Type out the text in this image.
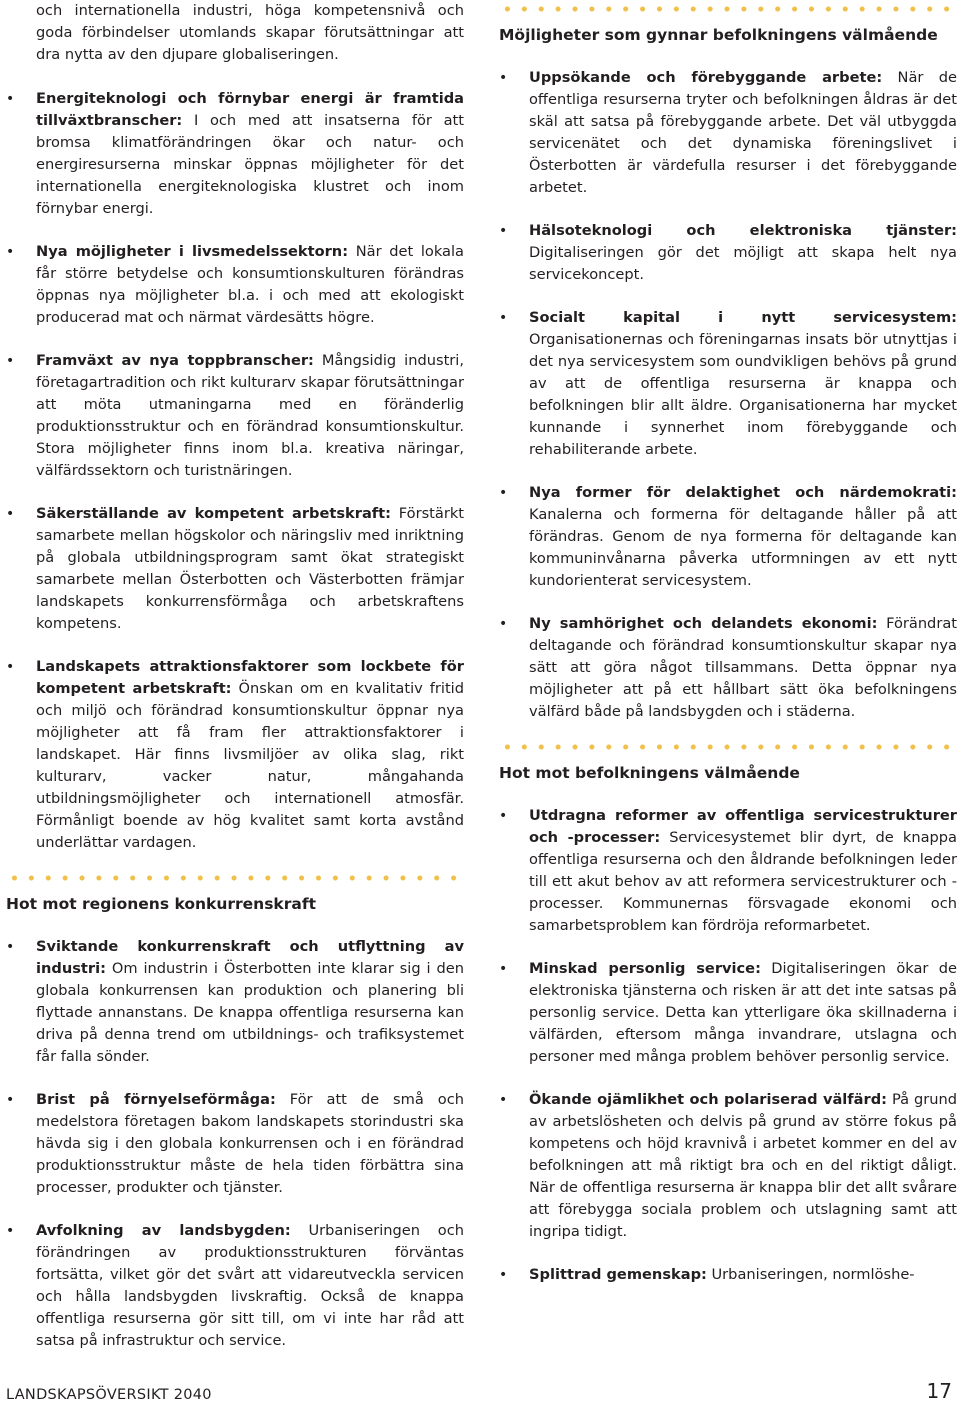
och internationella industri, höga kompetensnivå och goda förbindelser utomlands skapar förutsättningar att dra nytta av den djupare globaliseringen.

• Energiteknologi och förnybar energi är framtida tillväxtbranscher: I och med att insatserna för att bromsa klimatförändringen ökar och natur- och energiresurserna minskar öppnas möjligheter för det internationella energiteknologiska klustret och inom förnybar energi.
• Nya möjligheter i livsmedelssektorn: När det lokala får större betydelse och konsumtionskulturen förändras öppnas nya möjligheter bl.a. i och med att ekologiskt producerad mat och närmat värdesätts högre.
• Framväxt av nya toppbranscher: Mångsidig industri, företagartradition och rikt kulturarv skapar förutsättningar att möta utmaningarna med en föränderlig produktionsstruktur och en förändrad konsumtionskultur. Stora möjligheter finns inom bl.a. kreativa näringar, välfärdssektorn och turistnäringen.
• Säkerställande av kompetent arbetskraft: Förstärkt samarbete mellan högskolor och näringsliv med inriktning på globala utbildningsprogram samt ökat strategiskt samarbete mellan Österbotten och Västerbotten främjar landskapets konkurrensförmåga och arbetskraftens kompetens.
• Landskapets attraktionsfaktorer som lockbete för kompetent arbetskraft: Önskan om en kvalitativ fritid och miljö och förändrad konsumtionskultur öppnar nya möjligheter att få fram fler attraktionsfaktorer i landskapet. Här finns livsmiljöer av olika slag, rikt kulturarv, vacker natur, mångahanda utbildningsmöjligheter och internationell atmosfär. Förmånligt boende av hög kvalitet samt korta avstånd underlättar vardagen.
Hot mot regionens konkurrenskraft
• Sviktande konkurrenskraft och utflyttning av industri: Om industrin i Österbotten inte klarar sig i den globala konkurrensen kan produktion och planering bli flyttade annanstans. De knappa offentliga resurserna kan driva på denna trend om utbildnings- och trafiksystemet får falla sönder.
• Brist på förnyelseförmåga: För att de små och medelstora företagen bakom landskapets storindustri ska hävda sig i den globala konkurrensen och i en förändrad produktionsstruktur måste de hela tiden förbättra sina processer, produkter och tjänster.
• Avfolkning av landsbygden: Urbaniseringen och förändringen av produktionsstrukturen förväntas fortsätta, vilket gör det svårt att vidareutveckla servicen och hålla landsbygden livskraftig. Också de knappa offentliga resurserna gör sitt till, om vi inte har råd att satsa på infrastruktur och service.
Möjligheter som gynnar befolkningens välmående
• Uppsökande och förebyggande arbete: När de offentliga resurserna tryter och befolkningen åldras är det skäl att satsa på förebyggande arbete. Det väl utbyggda servicenätet och det dynamiska föreningslivet i Österbotten är värdefulla resurser i det förebyggande arbetet.
• Hälsoteknologi och elektroniska tjänster: Digitaliseringen gör det möjligt att skapa helt nya servicekoncept.
• Socialt kapital i nytt servicesystem: Organisationernas och föreningarnas insats bör utnyttjas i det nya servicesystem som oundvikligen behövs på grund av att de offentliga resurserna är knappa och befolkningen blir allt äldre. Organisationerna har mycket kunnande i synnerhet inom förebyggande och rehabiliterande arbete.
• Nya former för delaktighet och närdemokrati: Kanalerna och formerna för deltagande håller på att förändras. Genom de nya formerna för deltagande kan kommuninvånarna påverka utformningen av ett nytt kundorienterat servicesystem.
• Ny samhörighet och delandets ekonomi: Förändrat deltagande och förändrad konsumtionskultur skapar nya sätt att göra något tillsammans. Detta öppnar nya möjligheter att på ett hållbart sätt öka befolkningens välfärd både på landsbygden och i städerna.
Hot mot befolkningens välmående
• Utdragna reformer av offentliga servicestrukturer och -processer: Servicesystemet blir dyrt, de knappa offentliga resurserna och den åldrande befolkningen leder till ett akut behov av att reformera servicestrukturer och -processer. Kommunernas försvagade ekonomi och samarbetsproblem kan fördröja reformarbetet.
• Minskad personlig service: Digitaliseringen ökar de elektroniska tjänsterna och risken är att det inte satsas på personlig service. Detta kan ytterligare öka skillnaderna i välfärden, eftersom många invandrare, utslagna och personer med många problem behöver personlig service.
• Ökande ojämlikhet och polariserad välfärd: På grund av arbetslösheten och delvis på grund av större fokus på kompetens och höjd kravnivå i arbetet kommer en del av befolkningen att må riktigt bra och en del riktigt dåligt. När de offentliga resurserna är knappa blir det allt svårare att förebygga sociala problem och utslagning samt att ingripa tidigt.
• Splittrad gemenskap: Urbaniseringen, normlöshe-
LANDSKAPSÖVERSIKT 2040	17
